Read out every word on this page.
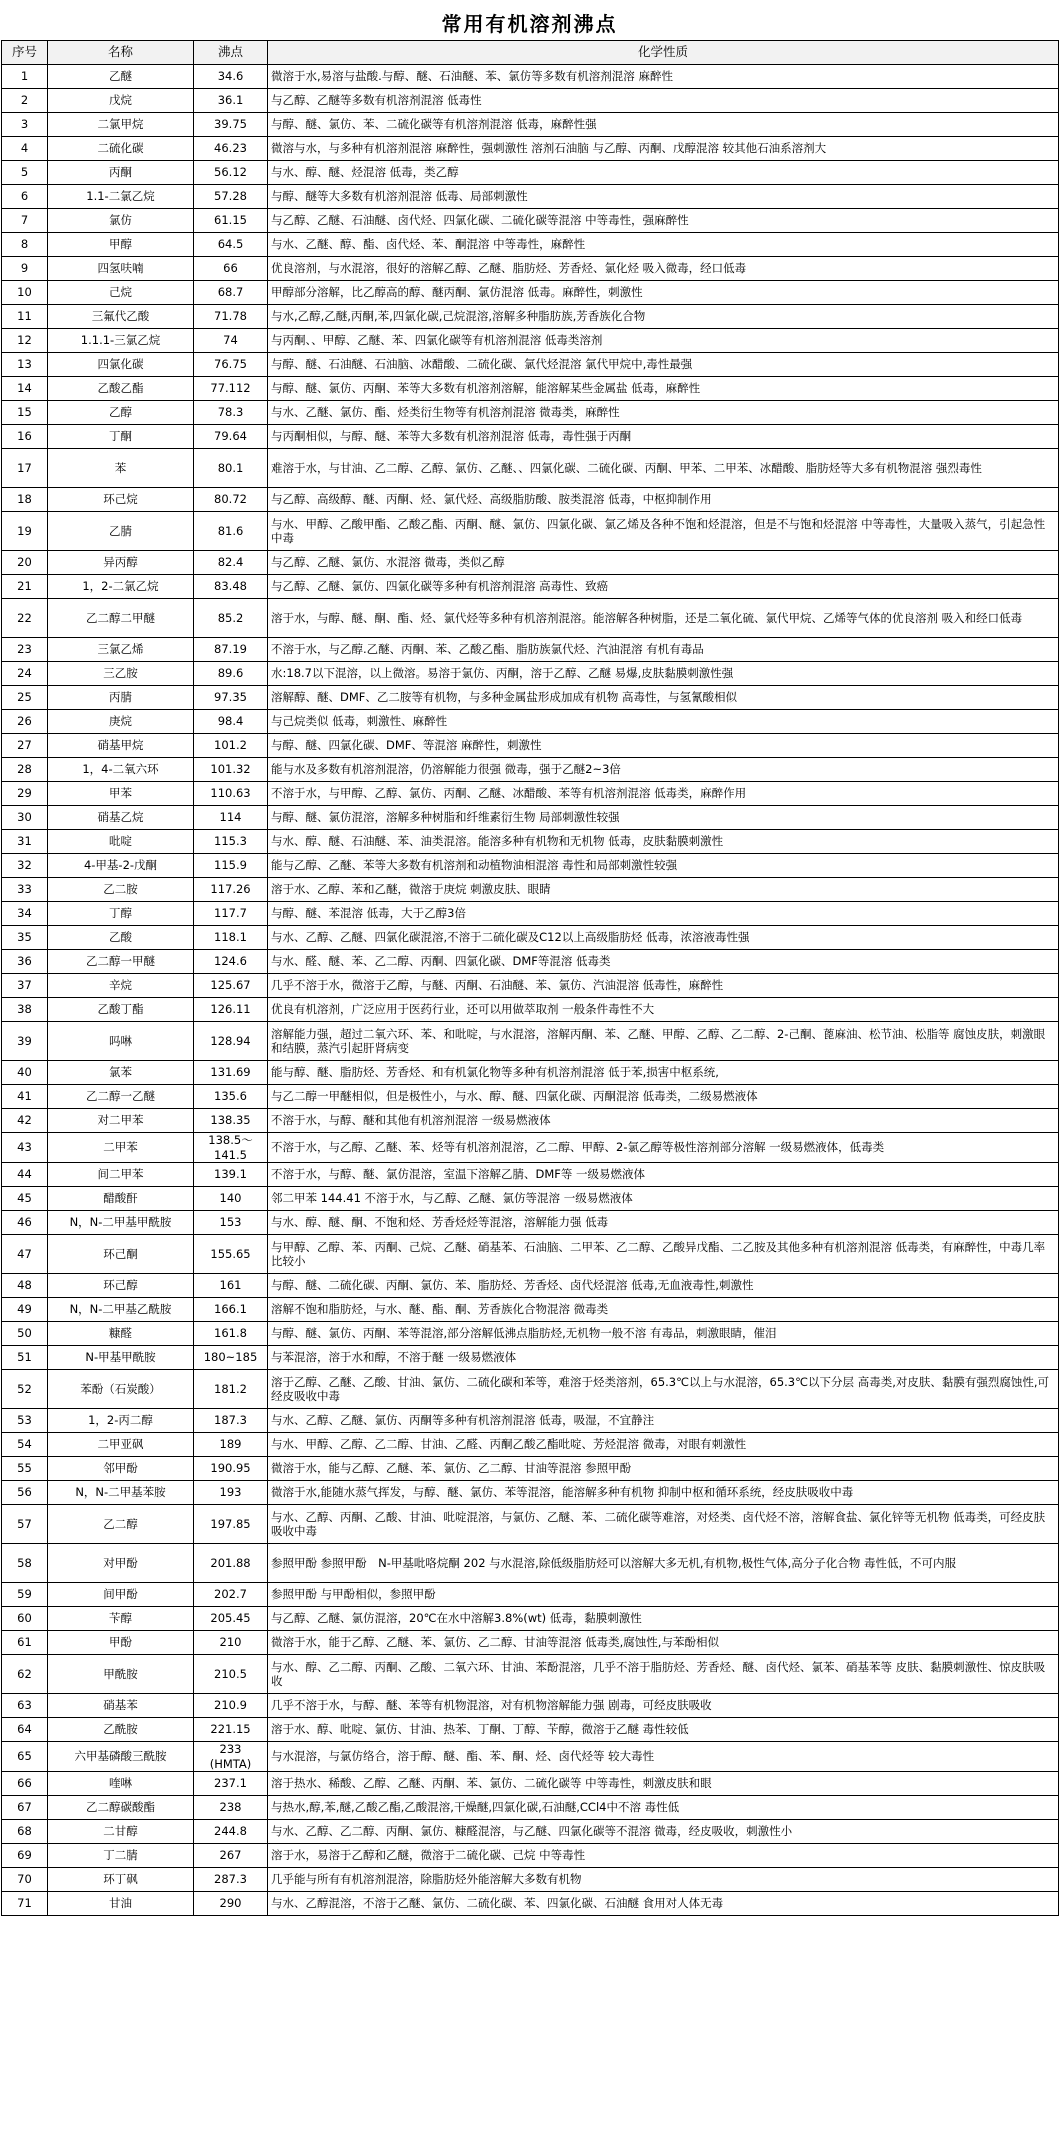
常用有机溶剂沸点
序号	名称	沸点	化学性质
1	乙醚	34.6	微溶于水,易溶与盐酸.与醇、醚、石油醚、苯、氯仿等多数有机溶剂混溶 麻醉性
2	戊烷	36.1	与乙醇、乙醚等多数有机溶剂混溶 低毒性
3	二氯甲烷	39.75	与醇、醚、氯仿、苯、二硫化碳等有机溶剂混溶 低毒，麻醉性强
4	二硫化碳	46.23	微溶与水，与多种有机溶剂混溶 麻醉性，强刺激性 溶剂石油脑 与乙醇、丙酮、戊醇混溶 较其他石油系溶剂大
5	丙酮	56.12	与水、醇、醚、烃混溶 低毒，类乙醇
6	1.1-二氯乙烷	57.28	与醇、醚等大多数有机溶剂混溶 低毒、局部刺激性
7	氯仿	61.15	与乙醇、乙醚、石油醚、卤代烃、四氯化碳、二硫化碳等混溶 中等毒性，强麻醉性
8	甲醇	64.5	与水、乙醚、醇、酯、卤代烃、苯、酮混溶 中等毒性，麻醉性
9	四氢呋喃	66	优良溶剂，与水混溶，很好的溶解乙醇、乙醚、脂肪烃、芳香烃、氯化烃 吸入微毒，经口低毒
10	己烷	68.7	甲醇部分溶解，比乙醇高的醇、醚丙酮、氯仿混溶 低毒。麻醉性，刺激性
11	三氟代乙酸	71.78	与水,乙醇,乙醚,丙酮,苯,四氯化碳,己烷混溶,溶解多种脂肪族,芳香族化合物
12	1.1.1-三氯乙烷	74	与丙酮、、甲醇、乙醚、苯、四氯化碳等有机溶剂混溶 低毒类溶剂
13	四氯化碳	76.75	与醇、醚、石油醚、石油脑、冰醋酸、二硫化碳、氯代烃混溶 氯代甲烷中,毒性最强
14	乙酸乙酯	77.112	与醇、醚、氯仿、丙酮、苯等大多数有机溶剂溶解，能溶解某些金属盐 低毒，麻醉性
15	乙醇	78.3	与水、乙醚、氯仿、酯、烃类衍生物等有机溶剂混溶 微毒类，麻醉性
16	丁酮	79.64	与丙酮相似，与醇、醚、苯等大多数有机溶剂混溶 低毒，毒性强于丙酮
17	苯	80.1	难溶于水，与甘油、乙二醇、乙醇、氯仿、乙醚、、四氯化碳、二硫化碳、丙酮、甲苯、二甲苯、冰醋酸、脂肪烃等大多有机物混溶 强烈毒性
18	环己烷	80.72	与乙醇、高级醇、醚、丙酮、烃、氯代烃、高级脂肪酸、胺类混溶 低毒，中枢抑制作用
19	乙腈	81.6	与水、甲醇、乙酸甲酯、乙酸乙酯、丙酮、醚、氯仿、四氯化碳、氯乙烯及各种不饱和烃混溶，但是不与饱和烃混溶 中等毒性，大量吸入蒸气，引起急性中毒
20	异丙醇	82.4	与乙醇、乙醚、氯仿、水混溶 微毒，类似乙醇
21	1，2-二氯乙烷	83.48	与乙醇、乙醚、氯仿、四氯化碳等多种有机溶剂混溶 高毒性、致癌
22	乙二醇二甲醚	85.2	溶于水，与醇、醚、酮、酯、烃、氯代烃等多种有机溶剂混溶。能溶解各种树脂，还是二氧化硫、氯代甲烷、乙烯等气体的优良溶剂 吸入和经口低毒
23	三氯乙烯	87.19	不溶于水，与乙醇.乙醚、丙酮、苯、乙酸乙酯、脂肪族氯代烃、汽油混溶 有机有毒品
24	三乙胺	89.6	水:18.7以下混溶，以上微溶。易溶于氯仿、丙酮，溶于乙醇、乙醚 易爆,皮肤黏膜刺激性强
25	丙腈	97.35	溶解醇、醚、DMF、乙二胺等有机物，与多种金属盐形成加成有机物 高毒性，与氢氰酸相似
26	庚烷	98.4	与己烷类似 低毒，刺激性、麻醉性
27	硝基甲烷	101.2	与醇、醚、四氯化碳、DMF、等混溶 麻醉性，刺激性
28	1，4-二氧六环	101.32	能与水及多数有机溶剂混溶，仍溶解能力很强 微毒，强于乙醚2~3倍
29	甲苯	110.63	不溶于水，与甲醇、乙醇、氯仿、丙酮、乙醚、冰醋酸、苯等有机溶剂混溶 低毒类，麻醉作用
30	硝基乙烷	114	与醇、醚、氯仿混溶，溶解多种树脂和纤维素衍生物 局部刺激性较强
31	吡啶	115.3	与水、醇、醚、石油醚、苯、油类混溶。能溶多种有机物和无机物 低毒，皮肤黏膜刺激性
32	4-甲基-2-戊酮	115.9	能与乙醇、乙醚、苯等大多数有机溶剂和动植物油相混溶 毒性和局部刺激性较强
33	乙二胺	117.26	溶于水、乙醇、苯和乙醚，微溶于庚烷 刺激皮肤、眼睛
34	丁醇	117.7	与醇、醚、苯混溶 低毒，大于乙醇3倍
35	乙酸	118.1	与水、乙醇、乙醚、四氯化碳混溶,不溶于二硫化碳及C12以上高级脂肪烃 低毒，浓溶液毒性强
36	乙二醇一甲醚	124.6	与水、醛、醚、苯、乙二醇、丙酮、四氯化碳、DMF等混溶 低毒类
37	辛烷	125.67	几乎不溶于水，微溶于乙醇，与醚、丙酮、石油醚、苯、氯仿、汽油混溶 低毒性，麻醉性
38	乙酸丁酯	126.11	优良有机溶剂，广泛应用于医药行业，还可以用做萃取剂 一般条件毒性不大
39	吗啉	128.94	溶解能力强，超过二氧六环、苯、和吡啶，与水混溶，溶解丙酮、苯、乙醚、甲醇、乙醇、乙二醇、2-己酮、蓖麻油、松节油、松脂等 腐蚀皮肤，刺激眼和结膜，蒸汽引起肝肾病变
40	氯苯	131.69	能与醇、醚、脂肪烃、芳香烃、和有机氯化物等多种有机溶剂混溶 低于苯,损害中枢系统,
41	乙二醇一乙醚	135.6	与乙二醇一甲醚相似，但是极性小，与水、醇、醚、四氯化碳、丙酮混溶 低毒类，二级易燃液体
42	对二甲苯	138.35	不溶于水，与醇、醚和其他有机溶剂混溶 一级易燃液体
43	二甲苯	138.5～141.5	不溶于水，与乙醇、乙醚、苯、烃等有机溶剂混溶，乙二醇、甲醇、2-氯乙醇等极性溶剂部分溶解 一级易燃液体，低毒类
44	间二甲苯	139.1	不溶于水，与醇、醚、氯仿混溶，室温下溶解乙腈、DMF等 一级易燃液体
45	醋酸酐	140	邻二甲苯 144.41 不溶于水，与乙醇、乙醚、氯仿等混溶 一级易燃液体
46	N，N-二甲基甲酰胺	153	与水、醇、醚、酮、不饱和烃、芳香烃烃等混溶，溶解能力强 低毒
47	环己酮	155.65	与甲醇、乙醇、苯、丙酮、己烷、乙醚、硝基苯、石油脑、二甲苯、乙二醇、乙酸异戊酯、二乙胺及其他多种有机溶剂混溶 低毒类，有麻醉性，中毒几率比较小
48	环己醇	161	与醇、醚、二硫化碳、丙酮、氯仿、苯、脂肪烃、芳香烃、卤代烃混溶 低毒,无血液毒性,刺激性
49	N，N-二甲基乙酰胺	166.1	溶解不饱和脂肪烃，与水、醚、酯、酮、芳香族化合物混溶 微毒类
50	糠醛	161.8	与醇、醚、氯仿、丙酮、苯等混溶,部分溶解低沸点脂肪烃,无机物一般不溶 有毒品，刺激眼睛，催泪
51	N-甲基甲酰胺	180~185	与苯混溶，溶于水和醇，不溶于醚 一级易燃液体
52	苯酚（石炭酸）	181.2	溶于乙醇、乙醚、乙酸、甘油、氯仿、二硫化碳和苯等，难溶于烃类溶剂，65.3℃以上与水混溶，65.3℃以下分层 高毒类,对皮肤、黏膜有强烈腐蚀性,可经皮吸收中毒
53	1，2-丙二醇	187.3	与水、乙醇、乙醚、氯仿、丙酮等多种有机溶剂混溶 低毒，吸湿，不宜静注
54	二甲亚砜	189	与水、甲醇、乙醇、乙二醇、甘油、乙醛、丙酮乙酸乙酯吡啶、芳烃混溶 微毒，对眼有刺激性
55	邻甲酚	190.95	微溶于水，能与乙醇、乙醚、苯、氯仿、乙二醇、甘油等混溶 参照甲酚
56	N，N-二甲基苯胺	193	微溶于水,能随水蒸气挥发，与醇、醚、氯仿、苯等混溶，能溶解多种有机物 抑制中枢和循环系统，经皮肤吸收中毒
57	乙二醇	197.85	与水、乙醇、丙酮、乙酸、甘油、吡啶混溶，与氯仿、乙醚、苯、二硫化碳等难溶，对烃类、卤代烃不溶，溶解食盐、氯化锌等无机物 低毒类，可经皮肤吸收中毒
58	对甲酚	201.88	参照甲酚 参照甲酚　N-甲基吡咯烷酮 202 与水混溶,除低级脂肪烃可以溶解大多无机,有机物,极性气体,高分子化合物 毒性低，不可内服
59	间甲酚	202.7	参照甲酚 与甲酚相似，参照甲酚
60	苄醇	205.45	与乙醇、乙醚、氯仿混溶，20℃在水中溶解3.8%(wt) 低毒，黏膜刺激性
61	甲酚	210	微溶于水，能于乙醇、乙醚、苯、氯仿、乙二醇、甘油等混溶 低毒类,腐蚀性,与苯酚相似
62	甲酰胺	210.5	与水、醇、乙二醇、丙酮、乙酸、二氧六环、甘油、苯酚混溶，几乎不溶于脂肪烃、芳香烃、醚、卤代烃、氯苯、硝基苯等 皮肤、黏膜刺激性、惊皮肤吸收
63	硝基苯	210.9	几乎不溶于水，与醇、醚、苯等有机物混溶，对有机物溶解能力强 剧毒，可经皮肤吸收
64	乙酰胺	221.15	溶于水、醇、吡啶、氯仿、甘油、热苯、丁酮、丁醇、苄醇，微溶于乙醚 毒性较低
65	六甲基磷酸三酰胺	233 (HMTA)	与水混溶，与氯仿络合，溶于醇、醚、酯、苯、酮、烃、卤代烃等 较大毒性
66	喹啉	237.1	溶于热水、稀酸、乙醇、乙醚、丙酮、苯、氯仿、二硫化碳等 中等毒性，刺激皮肤和眼
67	乙二醇碳酸酯	238	与热水,醇,苯,醚,乙酸乙酯,乙酸混溶,干燥醚,四氯化碳,石油醚,CCl4中不溶 毒性低
68	二甘醇	244.8	与水、乙醇、乙二醇、丙酮、氯仿、糠醛混溶，与乙醚、四氯化碳等不混溶 微毒，经皮吸收，刺激性小
69	丁二腈	267	溶于水，易溶于乙醇和乙醚，微溶于二硫化碳、己烷 中等毒性
70	环丁砜	287.3	几乎能与所有有机溶剂混溶，除脂肪烃外能溶解大多数有机物
71	甘油	290	与水、乙醇混溶，不溶于乙醚、氯仿、二硫化碳、苯、四氯化碳、石油醚 食用对人体无毒
